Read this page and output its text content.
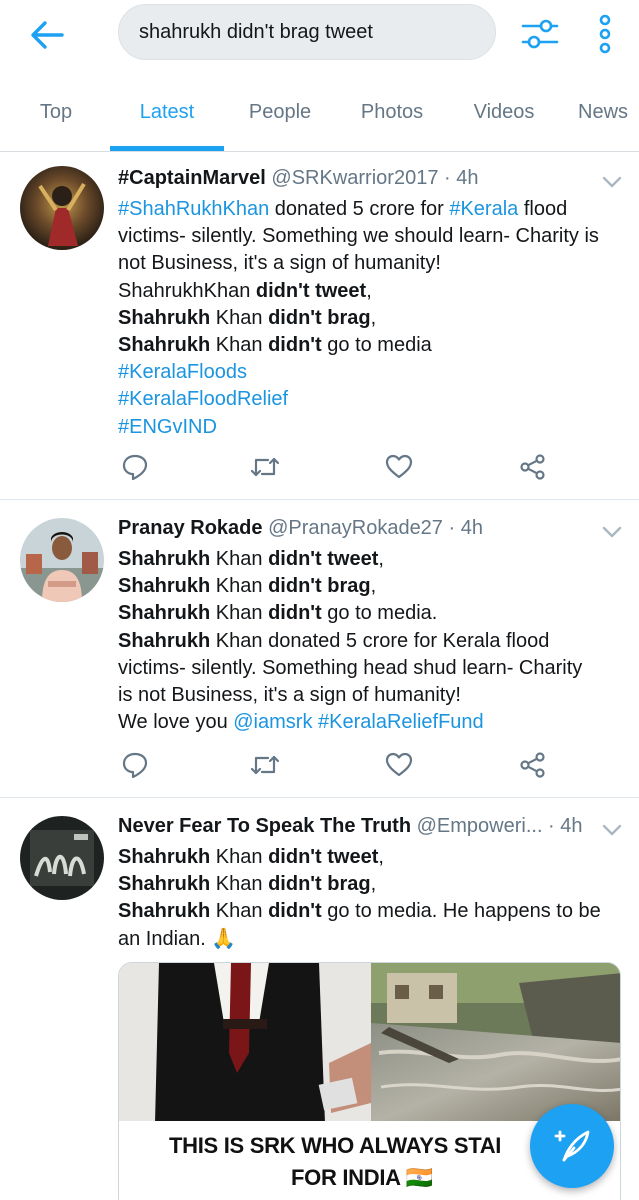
shahrukh didn't brag tweet
Top	Latest	People	Photos	Videos	News
#CaptainMarvel @SRKwarrior2017 · 4h
#ShahRukhKhan donated 5 crore for #Kerala flood
victims- silently. Something we should learn- Charity is
not Business, it's a sign of humanity!
ShahrukhKhan didn't tweet,
Shahrukh Khan didn't brag,
Shahrukh Khan didn't go to media
#KeralaFloods
#KeralaFloodRelief
#ENGvIND
Pranay Rokade @PranayRokade27 · 4h
Shahrukh Khan didn't tweet,
Shahrukh Khan didn't brag,
Shahrukh Khan didn't go to media.
Shahrukh Khan donated 5 crore for Kerala flood
victims- silently. Something head shud learn- Charity
is not Business, it's a sign of humanity!
We love you @iamsrk #KeralaReliefFund
Never Fear To Speak The Truth @Empoweri... · 4h
Shahrukh Khan didn't tweet,
Shahrukh Khan didn't brag,
Shahrukh Khan didn't go to media. He happens to be
an Indian. 🙏
THIS IS SRK WHO ALWAYS STAI
FOR INDIA 🇮🇳
